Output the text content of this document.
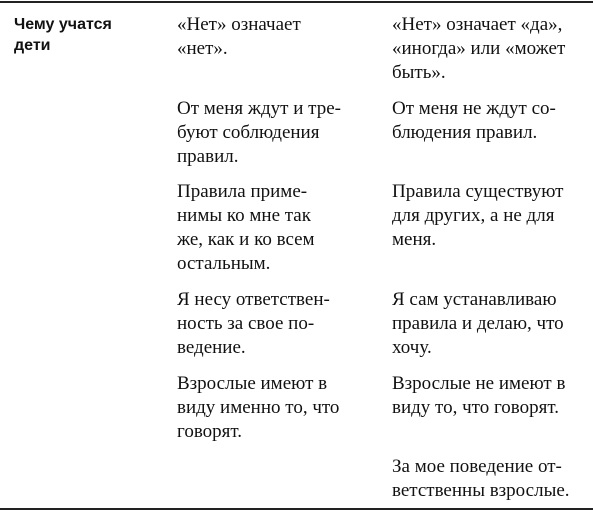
Чему учатся
дети
«Нет» означает
«нет».
«Нет» означает «да»,
«иногда» или «может
быть».
От меня ждут и тре-
буют соблюдения
правил.
От меня не ждут со-
блюдения правил.
Правила приме-
нимы ко мне так
же, как и ко всем
остальным.
Правила существуют
для других, а не для
меня.
Я несу ответствен-
ность за свое по-
ведение.
Я сам устанавливаю
правила и делаю, что
хочу.
Взрослые имеют в
виду именно то, что
говорят.
Взрослые не имеют в
виду то, что говорят.
За мое поведение от-
ветственны взрослые.
